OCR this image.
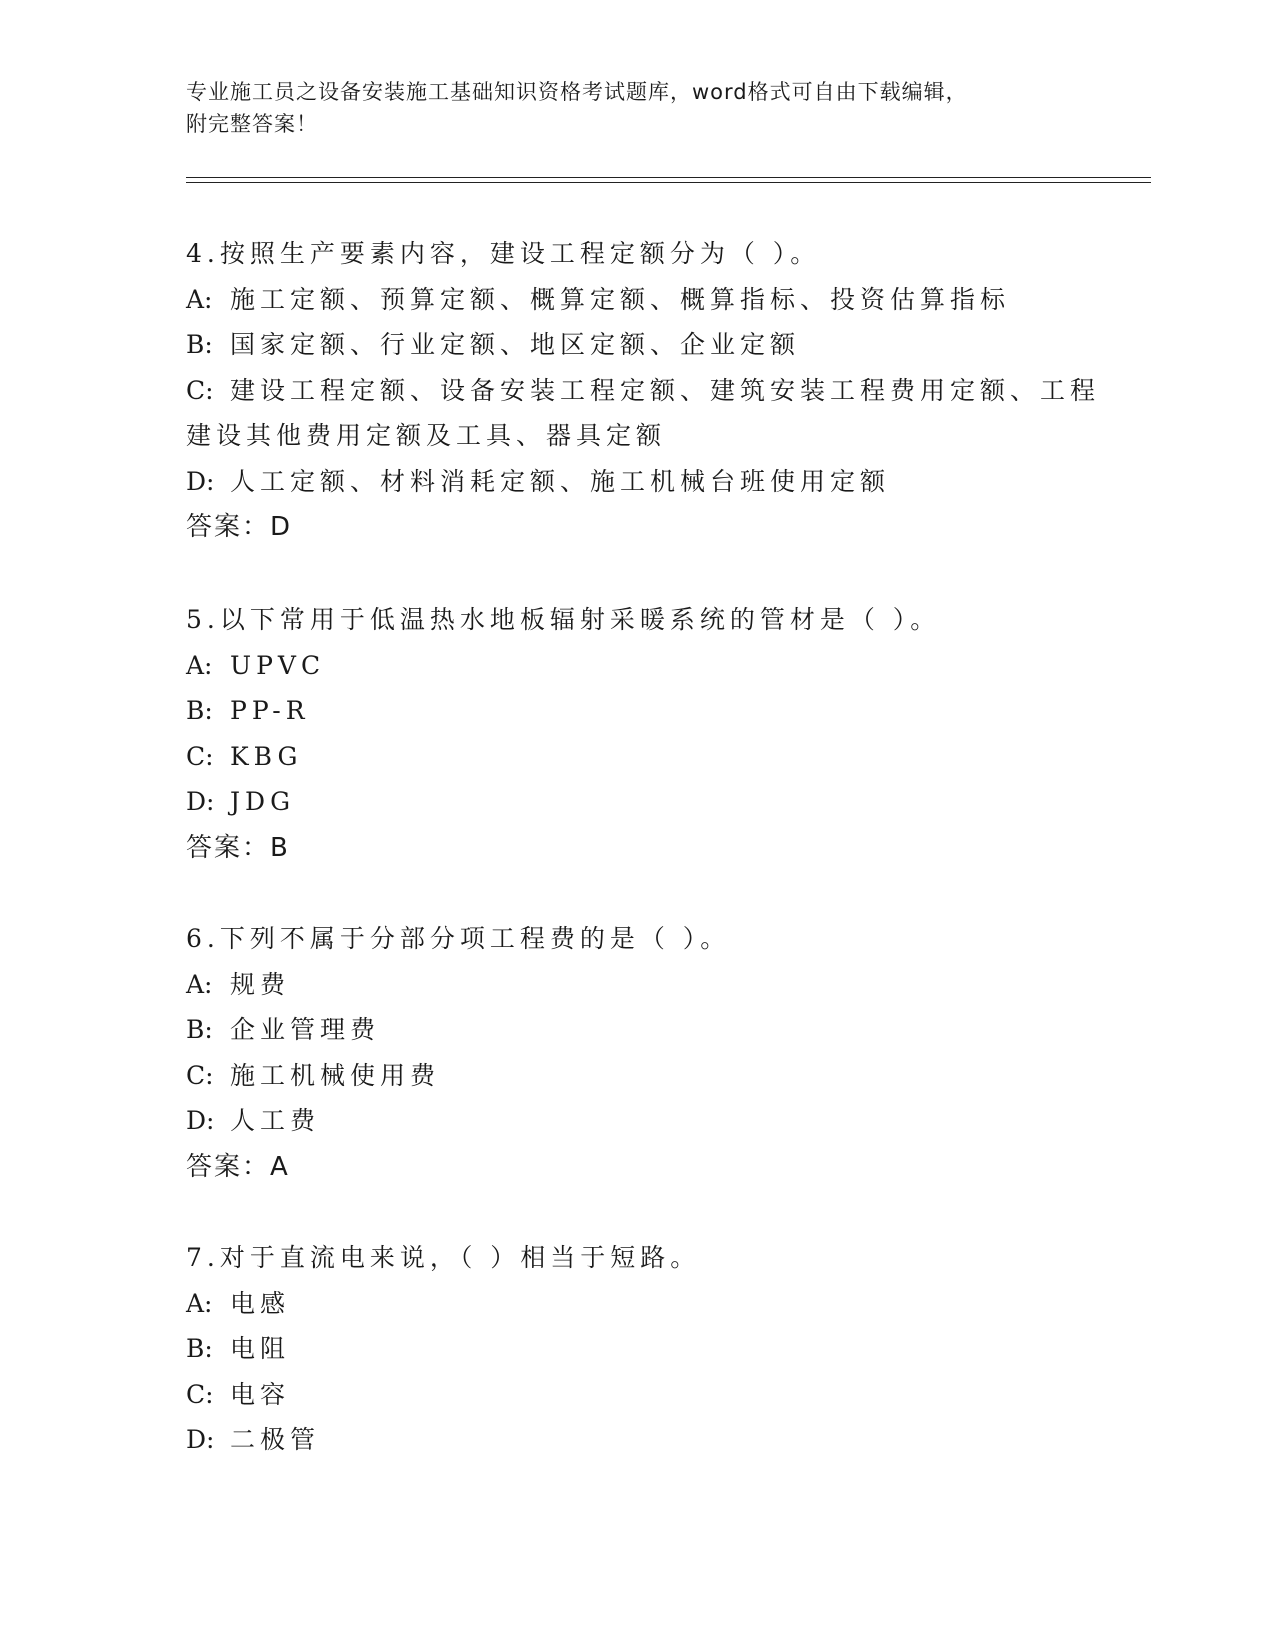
专业施工员之设备安装施工基础知识资格考试题库，word格式可自由下载编辑，
附完整答案！
4.按照生产要素内容，建设工程定额分为（ ）。
A: 施工定额、预算定额、概算定额、概算指标、投资估算指标
B: 国家定额、行业定额、地区定额、企业定额
C: 建设工程定额、设备安装工程定额、建筑安装工程费用定额、工程
建设其他费用定额及工具、器具定额
D: 人工定额、材料消耗定额、施工机械台班使用定额
答案：D
5.以下常用于低温热水地板辐射采暖系统的管材是（ ）。
A: UPVC
B: PP-R
C: KBG
D: JDG
答案：B
6.下列不属于分部分项工程费的是（ ）。
A: 规费
B: 企业管理费
C: 施工机械使用费
D: 人工费
答案：A
7.对于直流电来说，（ ）相当于短路。
A: 电感
B: 电阻
C: 电容
D: 二极管
